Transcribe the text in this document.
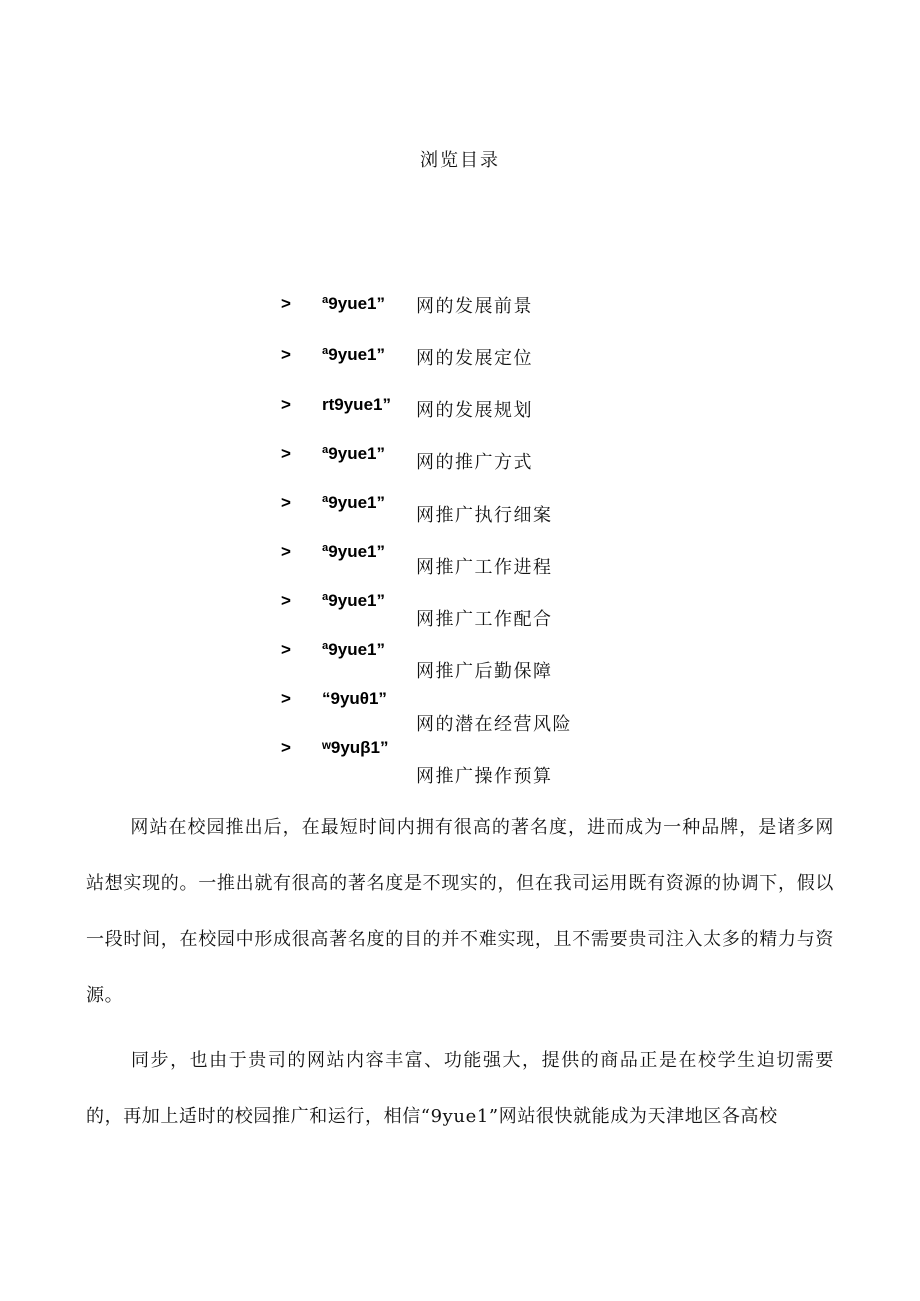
浏览目录
> ª9yue1” 网的发展前景
> ª9yue1” 网的发展定位
> rt9yue1” 网的发展规划
> ª9yue1” 网的推广方式
> ª9yue1”
网推广执行细案
> ª9yue1”
网推广工作进程
> ª9yue1”
网推广工作配合
> ª9yue1”
网推广后勤保障
> “9yuθ1”
网的潜在经营风险
> ʷ9yuβ1”
网推广操作预算

网站在校园推出后，在最短时间内拥有很高的著名度，进而成为一种品牌，是诸多网站想实现的。一推出就有很高的著名度是不现实的，但在我司运用既有资源的协调下，假以一段时间，在校园中形成很高著名度的目的并不难实现，且不需要贵司注入太多的精力与资源。

同步，也由于贵司的网站内容丰富、功能强大，提供的商品正是在校学生迫切需要的，再加上适时的校园推广和运行，相信“9yue1”网站很快就能成为天津地区各高校
